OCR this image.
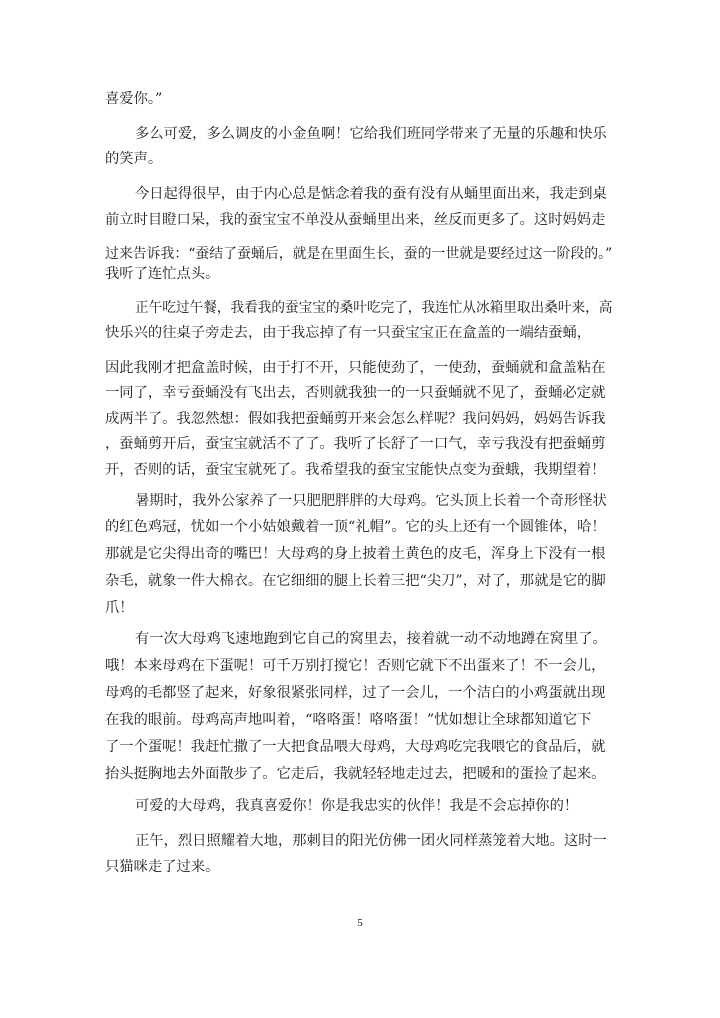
喜爱你。”

多么可爱，多么调皮的小金鱼啊！它给我们班同学带来了无量的乐趣和快乐

的笑声。

今日起得很早，由于内心总是惦念着我的蚕有没有从蛹里面出来，我走到桌

前立时目瞪口呆，我的蚕宝宝不单没从蚕蛹里出来，丝反而更多了。这时妈妈走

过来告诉我：“蚕结了蚕蛹后，就是在里面生长，蚕的一世就是要经过这一阶段的。”

我听了连忙点头。

正午吃过午餐，我看我的蚕宝宝的桑叶吃完了，我连忙从冰箱里取出桑叶来，高

快乐兴的往桌子旁走去，由于我忘掉了有一只蚕宝宝正在盒盖的一端结蚕蛹，

因此我刚才把盒盖时候，由于打不开，只能使劲了，一使劲，蚕蛹就和盒盖粘在

一同了，幸亏蚕蛹没有飞出去，否则就我独一的一只蚕蛹就不见了，蚕蛹必定就

成两半了。我忽然想：假如我把蚕蛹剪开来会怎么样呢？我问妈妈，妈妈告诉我

，蚕蛹剪开后，蚕宝宝就活不了了。我听了长舒了一口气，幸亏我没有把蚕蛹剪

开，否则的话，蚕宝宝就死了。我希望我的蚕宝宝能快点变为蚕蛾，我期望着！

暑期时，我外公家养了一只肥肥胖胖的大母鸡。它头顶上长着一个奇形怪状

的红色鸡冠，忧如一个小姑娘戴着一顶“礼帽”。它的头上还有一个圆锥体，哈！

那就是它尖得出奇的嘴巴！大母鸡的身上披着土黄色的皮毛，浑身上下没有一根

杂毛，就象一件大棉衣。在它细细的腿上长着三把“尖刀”，对了，那就是它的脚

爪！

有一次大母鸡飞速地跑到它自己的窝里去，接着就一动不动地蹲在窝里了。

哦！本来母鸡在下蛋呢！可千万别打搅它！否则它就下不出蛋来了！不一会儿，

母鸡的毛都竖了起来，好象很紧张同样，过了一会儿，一个洁白的小鸡蛋就出现

在我的眼前。母鸡高声地叫着，“咯咯蛋！咯咯蛋！”忧如想让全球都知道它下

了一个蛋呢！我赶忙撒了一大把食品喂大母鸡，大母鸡吃完我喂它的食品后，就

抬头挺胸地去外面散步了。它走后，我就轻轻地走过去，把暖和的蛋捡了起来。

可爱的大母鸡，我真喜爱你！你是我忠实的伙伴！我是不会忘掉你的！

正午，烈日照耀着大地，那刺目的阳光仿佛一团火同样蒸笼着大地。这时一

只猫咪走了过来。

5
